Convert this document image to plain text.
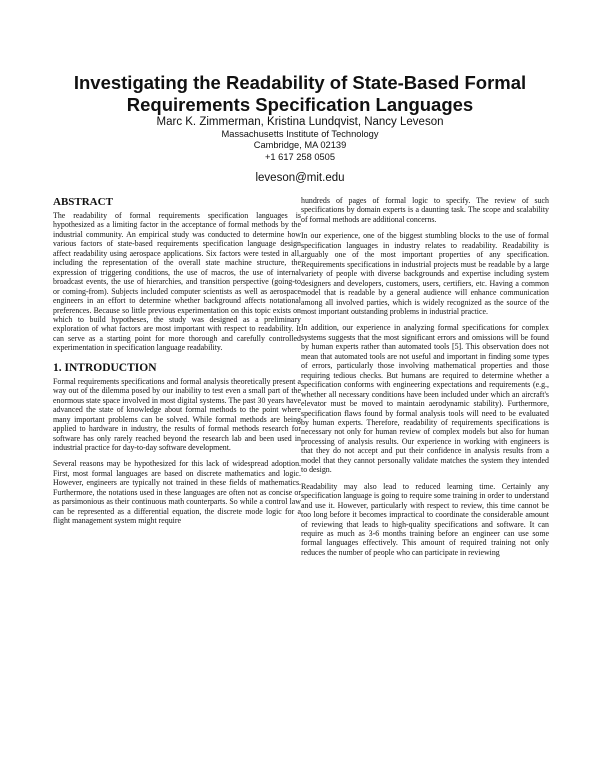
Investigating the Readability of State-Based Formal
Requirements Specification Languages
Marc K. Zimmerman, Kristina Lundqvist, Nancy Leveson
Massachusetts Institute of Technology
Cambridge, MA 02139
+1 617 258 0505
leveson@mit.edu
ABSTRACT

The readability of formal requirements specification languages is hypothesized as a limiting factor in the acceptance of formal methods by the industrial community. An empirical study was conducted to determine how various factors of state-based requirements specification language design affect readability using aerospace applications. Six factors were tested in all, including the representation of the overall state machine structure, the expression of triggering conditions, the use of macros, the use of internal broadcast events, the use of hierarchies, and transition perspective (going-to or coming-from). Subjects included computer scientists as well as aerospace engineers in an effort to determine whether background affects notational preferences. Because so little previous experimentation on this topic exists on which to build hypotheses, the study was designed as a preliminary exploration of what factors are most important with respect to readability. It can serve as a starting point for more thorough and carefully controlled experimentation in specification language readability.

1. INTRODUCTION

Formal requirements specifications and formal analysis theoretically present a way out of the dilemma posed by our inability to test even a small part of the enormous state space involved in most digital systems. The past 30 years have advanced the state of knowledge about formal methods to the point where many important problems can be solved. While formal methods are being applied to hardware in industry, the results of formal methods research for software has only rarely reached beyond the research lab and been used in industrial practice for day-to-day software development.

Several reasons may be hypothesized for this lack of widespread adoption. First, most formal languages are based on discrete mathematics and logic. However, engineers are typically not trained in these fields of mathematics. Furthermore, the notations used in these languages are often not as concise or as parsimonious as their continuous math counterparts. So while a control law can be represented as a differential equation, the discrete mode logic for a flight management system might require

hundreds of pages of formal logic to specify. The review of such specifications by domain experts is a daunting task. The scope and scalability of formal methods are additional concerns.

In our experience, one of the biggest stumbling blocks to the use of formal specification languages in industry relates to readability. Readability is arguably one of the most important properties of any specification. Requirements specifications in industrial projects must be readable by a large variety of people with diverse backgrounds and expertise including system designers and developers, customers, users, certifiers, etc. Having a common model that is readable by a general audience will enhance communication among all involved parties, which is widely recognized as the source of the most important outstanding problems in industrial practice.

In addition, our experience in analyzing formal specifications for complex systems suggests that the most significant errors and omissions will be found by human experts rather than automated tools [5]. This observation does not mean that automated tools are not useful and important in finding some types of errors, particularly those involving mathematical properties and those requiring tedious checks. But humans are required to determine whether a specification conforms with engineering expectations and requirements (e.g., whether all necessary conditions have been included under which an aircraft's elevator must be moved to maintain aerodynamic stability). Furthermore, specification flaws found by formal analysis tools will need to be evaluated by human experts. Therefore, readability of requirements specifications is necessary not only for human review of complex models but also for human processing of analysis results. Our experience in working with engineers is that they do not accept and put their confidence in analysis results from a model that they cannot personally validate matches the system they intended to design.

Readability may also lead to reduced learning time. Certainly any specification language is going to require some training in order to understand and use it. However, particularly with respect to review, this time cannot be too long before it becomes impractical to coordinate the considerable amount of reviewing that leads to high-quality specifications and software. It can require as much as 3-6 months training before an engineer can use some formal languages effectively. This amount of required training not only reduces the number of people who can participate in reviewing
